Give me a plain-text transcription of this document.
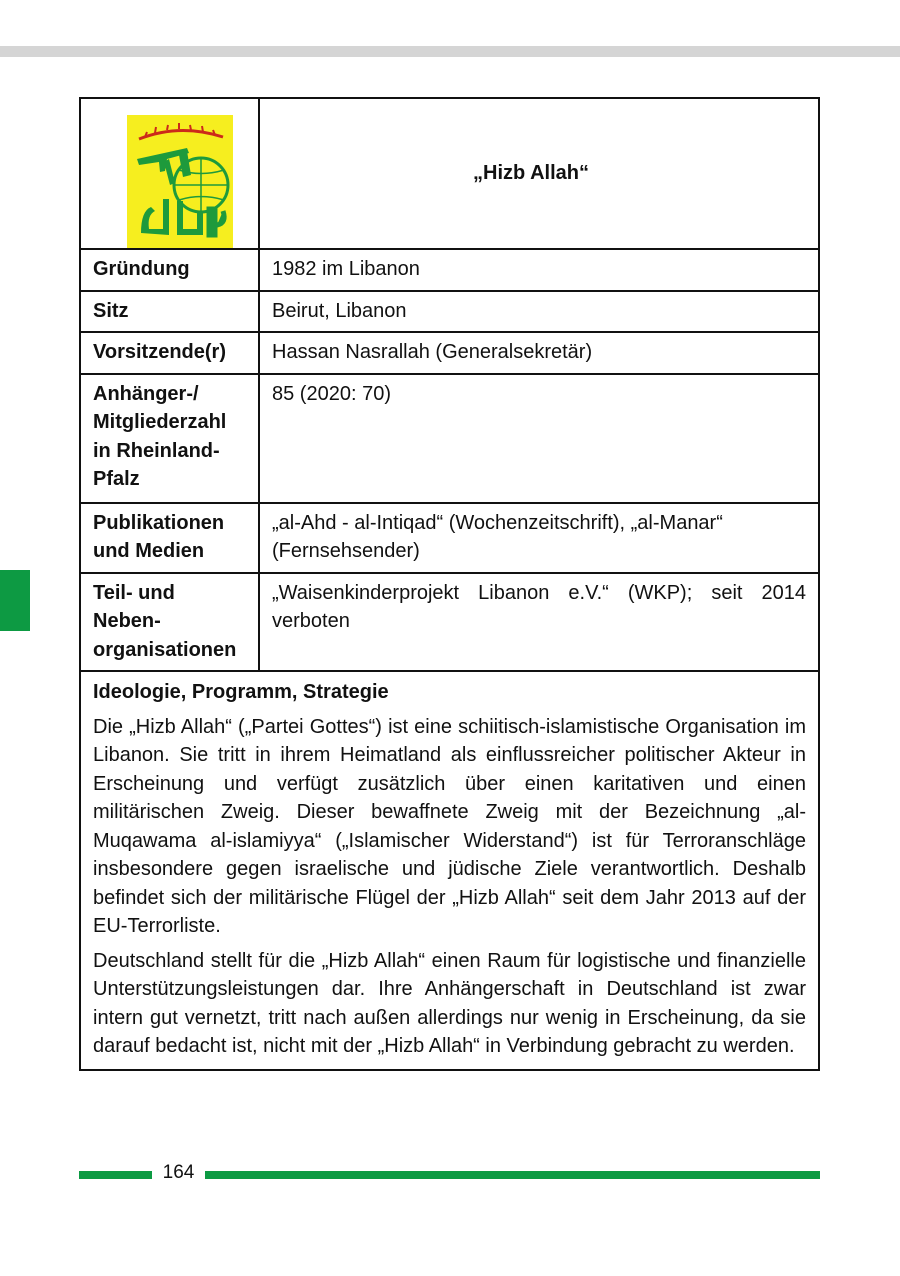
	„Hizb Allah“
Gründung	1982 im Libanon
Sitz	Beirut, Libanon
Vorsitzende(r)	Hassan Nasrallah (Generalsekretär)
Anhänger-/ Mitgliederzahl in Rheinland-Pfalz	85 (2020: 70)
Publikationen und Medien	„al-Ahd - al-Intiqad“ (Wochenzeitschrift), „al-Manar“ (Fernsehsender)
Teil- und Nebenorganisationen	„Waisenkinderprojekt Libanon e.V.“ (WKP); seit 2014 verboten

Ideologie, Programm, Strategie

Die „Hizb Allah“ („Partei Gottes“) ist eine schiitisch-islamistische Organisation im Libanon. Sie tritt in ihrem Heimatland als einflussreicher politischer Akteur in Erscheinung und verfügt zusätzlich über einen karitativen und einen militärischen Zweig. Dieser bewaffnete Zweig mit der Bezeichnung „al-Muqawama al-islamiyya“ („Islamischer Widerstand“) ist für Terroranschläge insbesondere gegen israelische und jüdische Ziele verantwortlich. Deshalb befindet sich der militärische Flügel der „Hizb Allah“ seit dem Jahr 2013 auf der EU-Terrorliste.

Deutschland stellt für die „Hizb Allah“ einen Raum für logistische und finanzielle Unterstützungsleistungen dar. Ihre Anhängerschaft in Deutschland ist zwar intern gut vernetzt, tritt nach außen allerdings nur wenig in Erscheinung, da sie darauf bedacht ist, nicht mit der „Hizb Allah“ in Verbindung gebracht zu werden.	

164
